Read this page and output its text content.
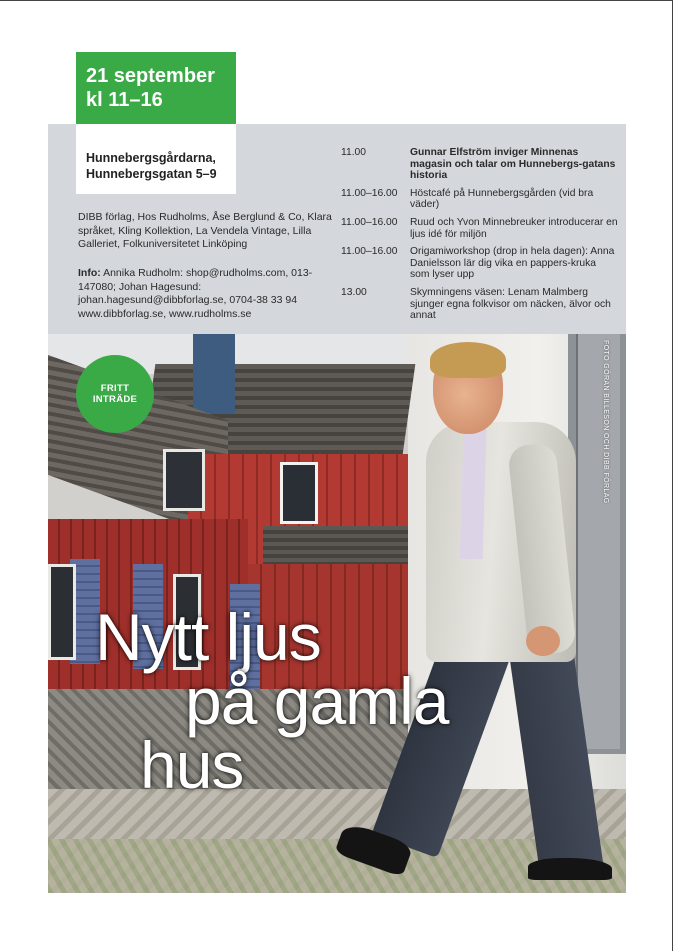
21 september
kl 11–16
Hunnebergsgårdarna,
Hunnebergsgatan 5–9
DIBB förlag, Hos Rudholms, Åse Berglund & Co, Klara språket, Kling Kollektion, La Vendela Vintage, Lilla Galleriet, Folkuniversitetet Linköping
Info: Annika Rudholm: shop@rudholms.com, 013-147080; Johan Hagesund: johan.hagesund@dibbforlag.se, 0704-38 33 94 www.dibbforlag.se, www.rudholms.se
11.00	Gunnar Elfström inviger Minnenas magasin och talar om Hunnebergs-gatans historia
11.00–16.00	Höstcafé på Hunnebergsgården (vid bra väder)
11.00–16.00	Ruud och Yvon Minnebreuker introducerar en ljus idé för miljön
11.00–16.00	Origamiworkshop (drop in hela dagen): Anna Danielsson lär dig vika en pappers-kruka som lyser upp
13.00	Skymningens väsen: Lenam Malmberg sjunger egna folkvisor om näcken, älvor och annat
FRITT
INTRÄDE
Nytt ljus
på gamla
hus
FOTO GÖRAN BILLESON OCH DIBB FÖRLAG
